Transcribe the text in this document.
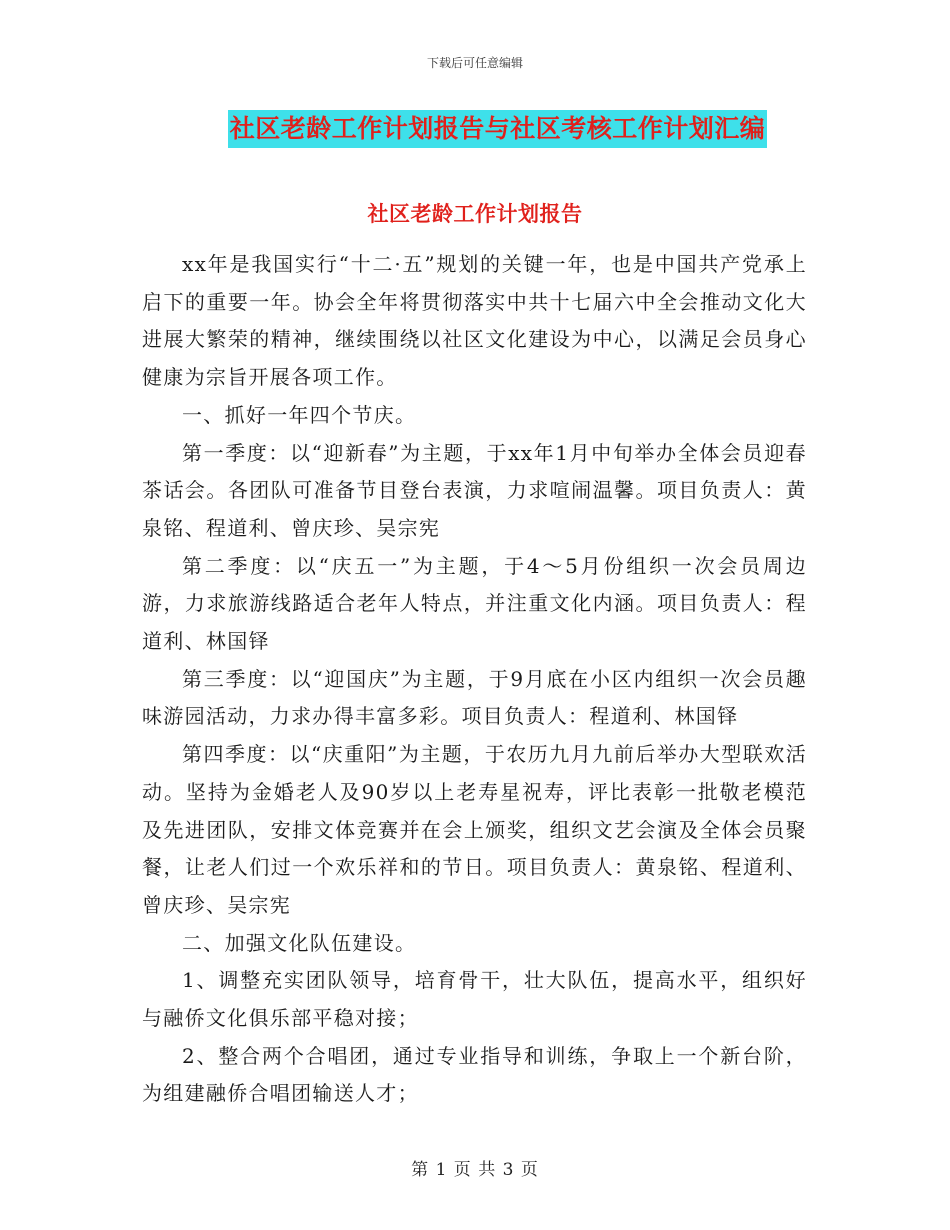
下载后可任意编辑
社区老龄工作计划报告与社区考核工作计划汇编
社区老龄工作计划报告

xx年是我国实行“十二·五”规划的关键一年，也是中国共产党承上启下的重要一年。协会全年将贯彻落实中共十七届六中全会推动文化大进展大繁荣的精神，继续围绕以社区文化建设为中心，以满足会员身心健康为宗旨开展各项工作。

一、抓好一年四个节庆。

第一季度：以“迎新春”为主题，于xx年1月中旬举办全体会员迎春茶话会。各团队可准备节目登台表演，力求喧闹温馨。项目负责人：黄泉铭、程道利、曾庆珍、吴宗宪

第二季度：以“庆五一”为主题，于4～5月份组织一次会员周边游，力求旅游线路适合老年人特点，并注重文化内涵。项目负责人：程道利、林国铎

第三季度：以“迎国庆”为主题，于9月底在小区内组织一次会员趣味游园活动，力求办得丰富多彩。项目负责人：程道利、林国铎

第四季度：以“庆重阳”为主题，于农历九月九前后举办大型联欢活动。坚持为金婚老人及90岁以上老寿星祝寿，评比表彰一批敬老模范及先进团队，安排文体竞赛并在会上颁奖，组织文艺会演及全体会员聚餐，让老人们过一个欢乐祥和的节日。项目负责人：黄泉铭、程道利、曾庆珍、吴宗宪

二、加强文化队伍建设。

1、调整充实团队领导，培育骨干，壮大队伍，提高水平，组织好与融侨文化俱乐部平稳对接；

2、整合两个合唱团，通过专业指导和训练，争取上一个新台阶，为组建融侨合唱团输送人才；

第 1 页 共 3 页
